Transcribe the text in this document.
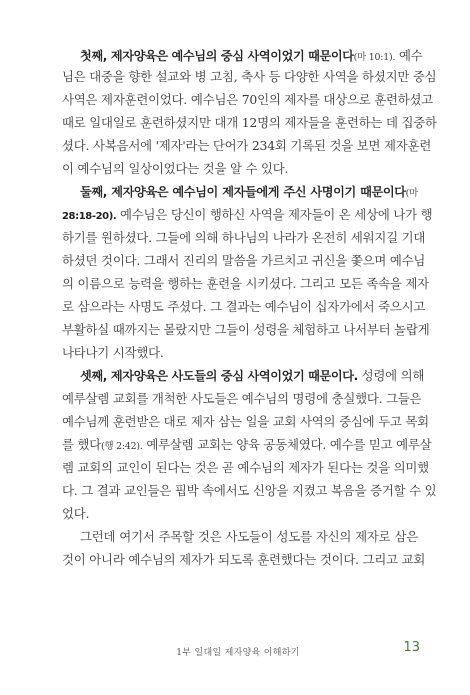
첫째, 제자양육은 예수님의 중심 사역이었기 때문이다(마 10:1). 예수
님은 대중을 향한 설교와 병 고침, 축사 등 다양한 사역을 하셨지만 중심
사역은 제자훈련이었다. 예수님은 70인의 제자를 대상으로 훈련하셨고
때로 일대일로 훈련하셨지만 대개 12명의 제자들을 훈련하는 데 집중하
셨다. 사복음서에 '제자'라는 단어가 234회 기록된 것을 보면 제자훈련
이 예수님의 일상이었다는 것을 알 수 있다.
둘째, 제자양육은 예수님이 제자들에게 주신 사명이기 때문이다(마
28:18-20). 예수님은 당신이 행하신 사역을 제자들이 온 세상에 나가 행
하기를 원하셨다. 그들에 의해 하나님의 나라가 온전히 세워지길 기대
하셨던 것이다. 그래서 진리의 말씀을 가르치고 귀신을 쫓으며 예수님
의 이름으로 능력을 행하는 훈련을 시키셨다. 그리고 모든 족속을 제자
로 삼으라는 사명도 주셨다. 그 결과는 예수님이 십자가에서 죽으시고
부활하실 때까지는 몰랐지만 그들이 성령을 체험하고 나서부터 놀랍게
나타나기 시작했다.
셋째, 제자양육은 사도들의 중심 사역이었기 때문이다. 성령에 의해
예루살렘 교회를 개척한 사도들은 예수님의 명령에 충실했다. 그들은
예수님께 훈련받은 대로 제자 삼는 일을 교회 사역의 중심에 두고 목회
를 했다(행 2:42). 예루살렘 교회는 양육 공동체였다. 예수를 믿고 예루살
렘 교회의 교인이 된다는 것은 곧 예수님의 제자가 된다는 것을 의미했
다. 그 결과 교인들은 핍박 속에서도 신앙을 지켰고 복음을 증거할 수 있
었다.
그런데 여기서 주목할 것은 사도들이 성도를 자신의 제자로 삼은
것이 아니라 예수님의 제자가 되도록 훈련했다는 것이다. 그리고 교회
1부 일대일 제자양육 이해하기	13
